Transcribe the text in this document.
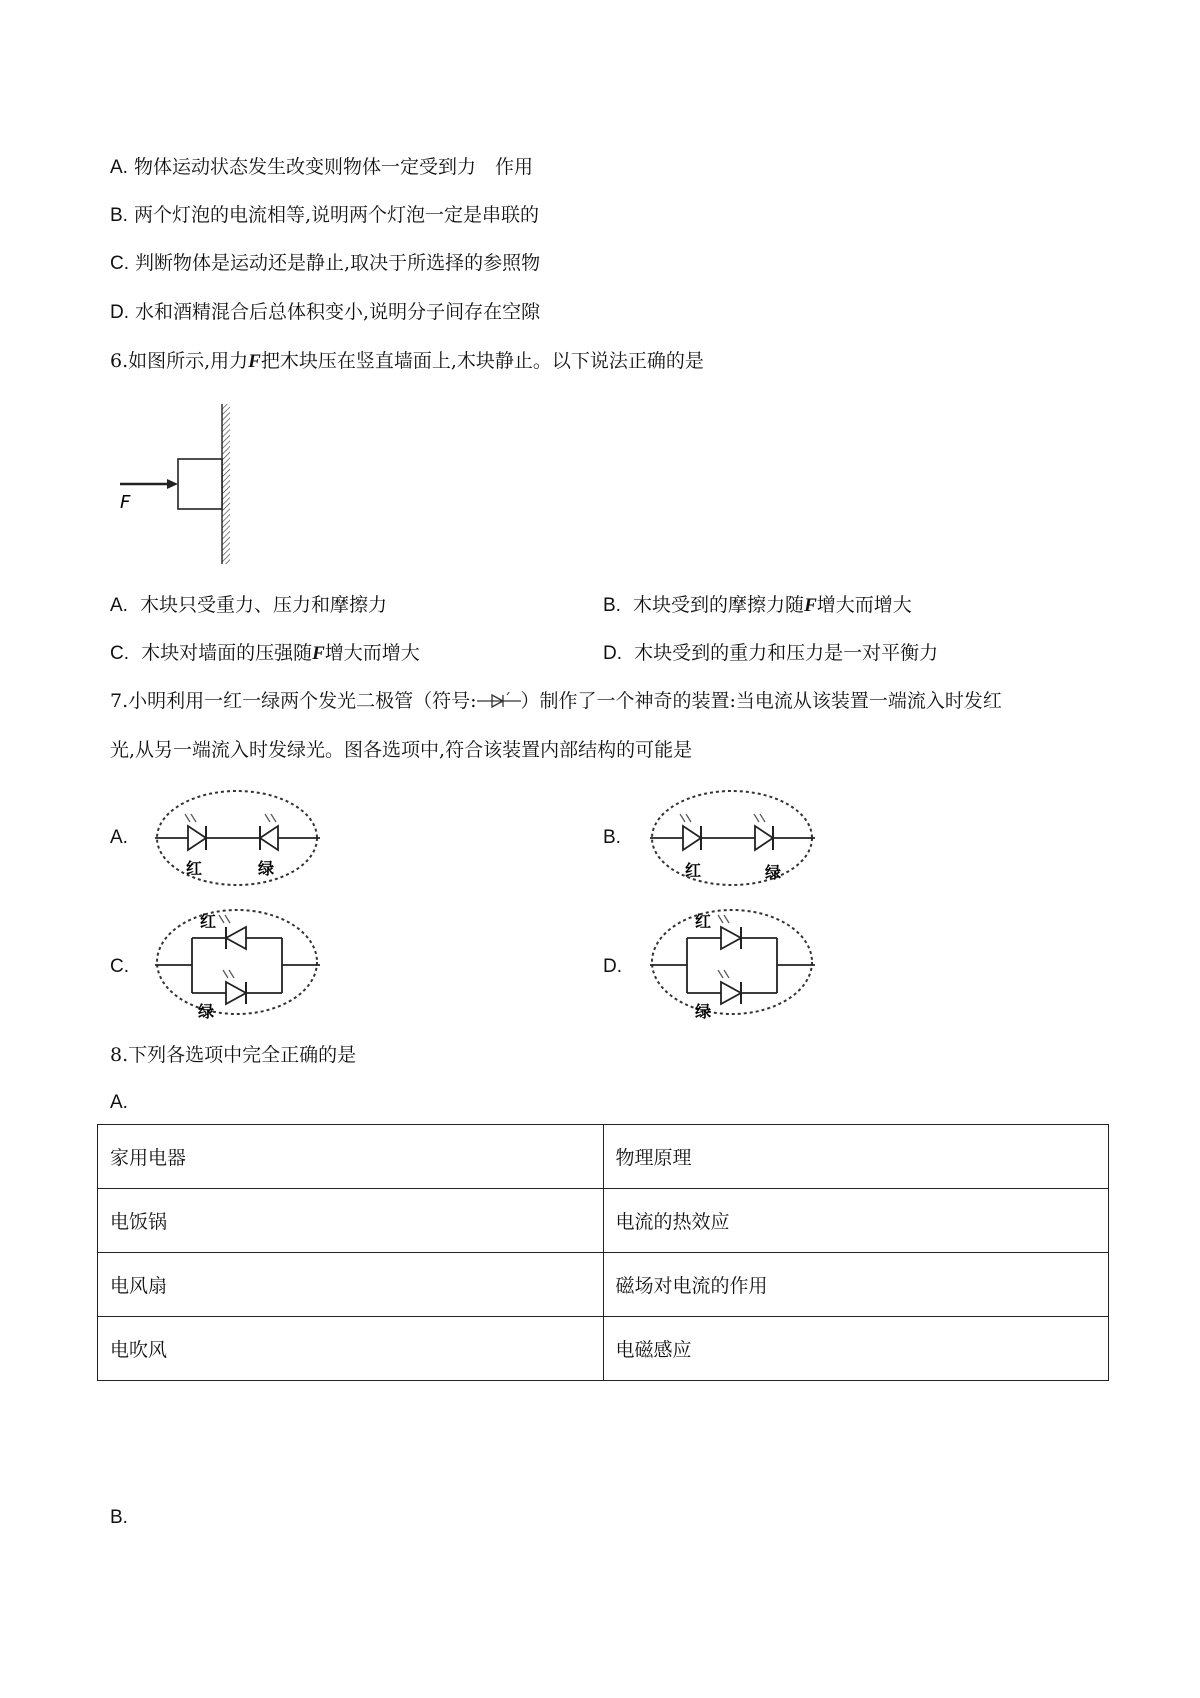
A. 物体运动状态发生改变则物体一定受到力　作用
B. 两个灯泡的电流相等,说明两个灯泡一定是串联的
C. 判断物体是运动还是静止,取决于所选择的参照物
D. 水和酒精混合后总体积变小,说明分子间存在空隙
6.如图所示,用力F把木块压在竖直墙面上,木块静止。以下说法正确的是
F
A. 木块只受重力、压力和摩擦力	B. 木块受到的摩擦力随F增大而增大
C. 木块对墙面的压强随F增大而增大	D. 木块受到的重力和压力是一对平衡力
7.小明利用一红一绿两个发光二极管（符号: ）制作了一个神奇的装置:当电流从该装置一端流入时发红
光,从另一端流入时发绿光。图各选项中,符合该装置内部结构的可能是
A.	B.
C.	D.
红	绿	红	绿
红
绿
红
绿
8.下列各选项中完全正确的是
A.
家用电器	物理原理
电饭锅	电流的热效应
电风扇	磁场对电流的作用
电吹风	电磁感应
B.
